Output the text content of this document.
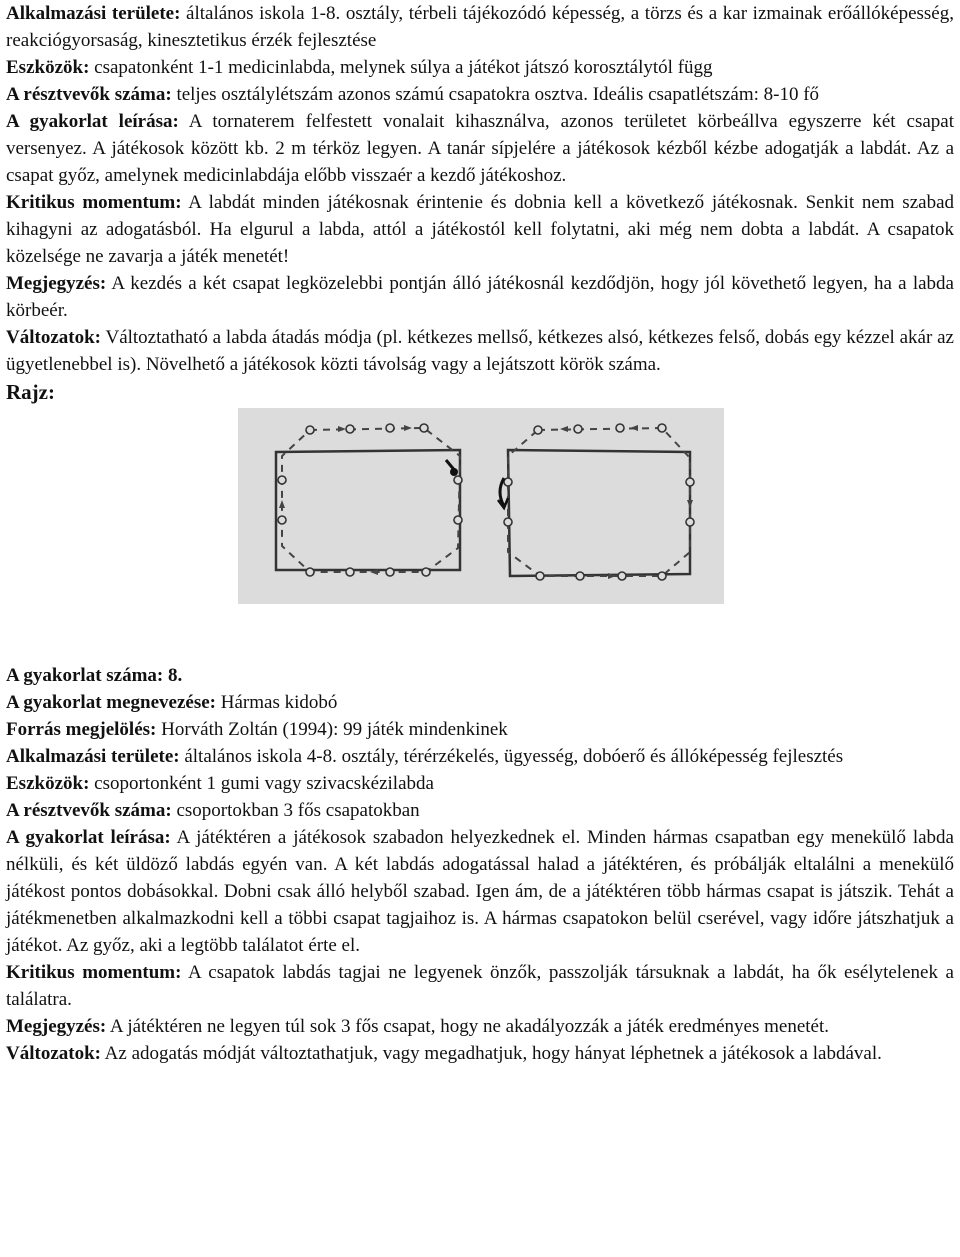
Alkalmazási területe: általános iskola 1-8. osztály, térbeli tájékozódó képesség, a törzs és a kar izmainak erőállóképesség, reakciógyorsaság, kinesztetikus érzék fejlesztése

Eszközök: csapatonként 1-1 medicinlabda, melynek súlya a játékot játszó korosztálytól függ

A résztvevők száma: teljes osztálylétszám azonos számú csapatokra osztva. Ideális csapatlétszám: 8-10 fő

A gyakorlat leírása: A tornaterem felfestett vonalait kihasználva, azonos területet körbeállva egyszerre két csapat versenyez. A játékosok között kb. 2 m térköz legyen. A tanár sípjelére a játékosok kézből kézbe adogatják a labdát. Az a csapat győz, amelynek medicinlabdája előbb visszaér a kezdő játékoshoz.

Kritikus momentum: A labdát minden játékosnak érintenie és dobnia kell a következő játékosnak. Senkit nem szabad kihagyni az adogatásból. Ha elgurul a labda, attól a játékostól kell folytatni, aki még nem dobta a labdát. A csapatok közelsége ne zavarja a játék menetét!

Megjegyzés: A kezdés a két csapat legközelebbi pontján álló játékosnál kezdődjön, hogy jól követhető legyen, ha a labda körbeér.

Változatok: Változtatható a labda átadás módja (pl. kétkezes mellső, kétkezes alsó, kétkezes felső, dobás egy kézzel akár az ügyetlenebbel is). Növelhető a játékosok közti távolság vagy a lejátszott körök száma.

Rajz:

A gyakorlat száma: 8.

A gyakorlat megnevezése: Hármas kidobó

Forrás megjelölés: Horváth Zoltán (1994): 99 játék mindenkinek

Alkalmazási területe: általános iskola 4-8. osztály, térérzékelés, ügyesség, dobóerő és állóképesség fejlesztés

Eszközök: csoportonként 1 gumi vagy szivacskézilabda

A résztvevők száma: csoportokban 3 fős csapatokban

A gyakorlat leírása: A játéktéren a játékosok szabadon helyezkednek el. Minden hármas csapatban egy menekülő labda nélküli, és két üldöző labdás egyén van. A két labdás adogatással halad a játéktéren, és próbálják eltalálni a menekülő játékost pontos dobásokkal. Dobni csak álló helyből szabad. Igen ám, de a játéktéren több hármas csapat is játszik. Tehát a játékmenetben alkalmazkodni kell a többi csapat tagjaihoz is. A hármas csapatokon belül cserével, vagy időre játszhatjuk a játékot. Az győz, aki a legtöbb találatot érte el.

Kritikus momentum: A csapatok labdás tagjai ne legyenek önzők, passzolják társuknak a labdát, ha ők esélytelenek a találatra.

Megjegyzés: A játéktéren ne legyen túl sok 3 fős csapat, hogy ne akadályozzák a játék eredményes menetét.

Változatok: Az adogatás módját változtathatjuk, vagy megadhatjuk, hogy hányat léphetnek a játékosok a labdával.
